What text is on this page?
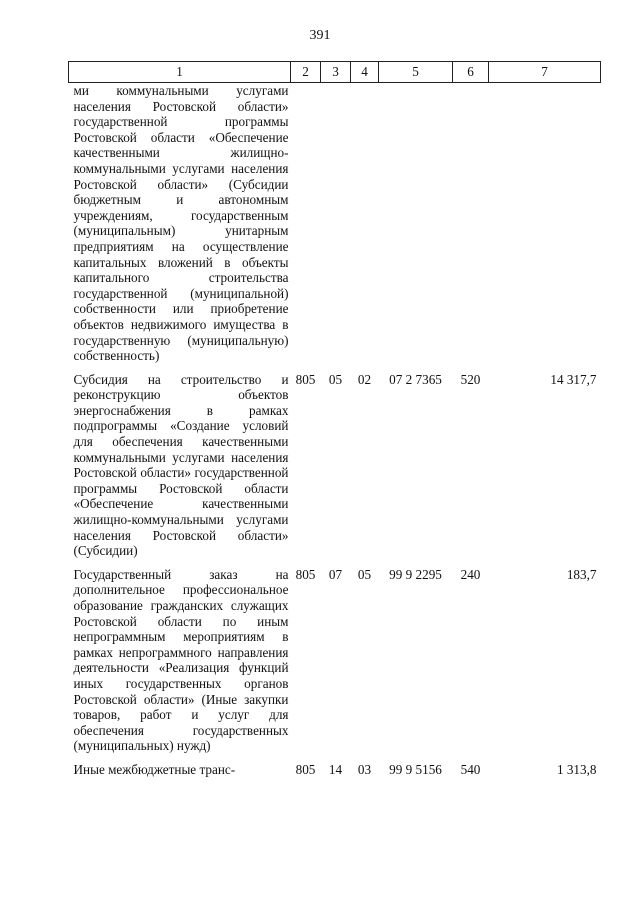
391
1	2	3	4	5	6	7
ми коммунальными услугами населения Ростовской области» государственной программы Ростовской области «Обеспечение качественными жилищно-коммунальными услугами населения Ростовской области» (Субсидии бюджетным и автономным учреждениям, государственным (муниципальным) унитарным предприятиям на осуществление капитальных вложений в объекты капитального строительства государственной (муниципальной) собственности или приобретение объектов недвижимого имущества в государственную (муниципальную) собственность)						
Субсидия на строительство и реконструкцию объектов энергоснабжения в рамках подпрограммы «Создание условий для обеспечения качественными коммунальными услугами населения Ростовской области» государственной программы Ростовской области «Обеспечение качественными жилищно-коммунальными услугами населения Ростовской области» (Субсидии)	805	05	02	07 2 7365	520	14 317,7
Государственный заказ на дополнительное профессиональное образование гражданских служащих Ростовской области по иным непрограммным мероприятиям в рамках непрограммного направления деятельности «Реализация функций иных государственных органов Ростовской области» (Иные закупки товаров, работ и услуг для обеспечения государственных (муниципальных) нужд)	805	07	05	99 9 2295	240	183,7
Иные межбюджетные транс-	805	14	03	99 9 5156	540	1 313,8
